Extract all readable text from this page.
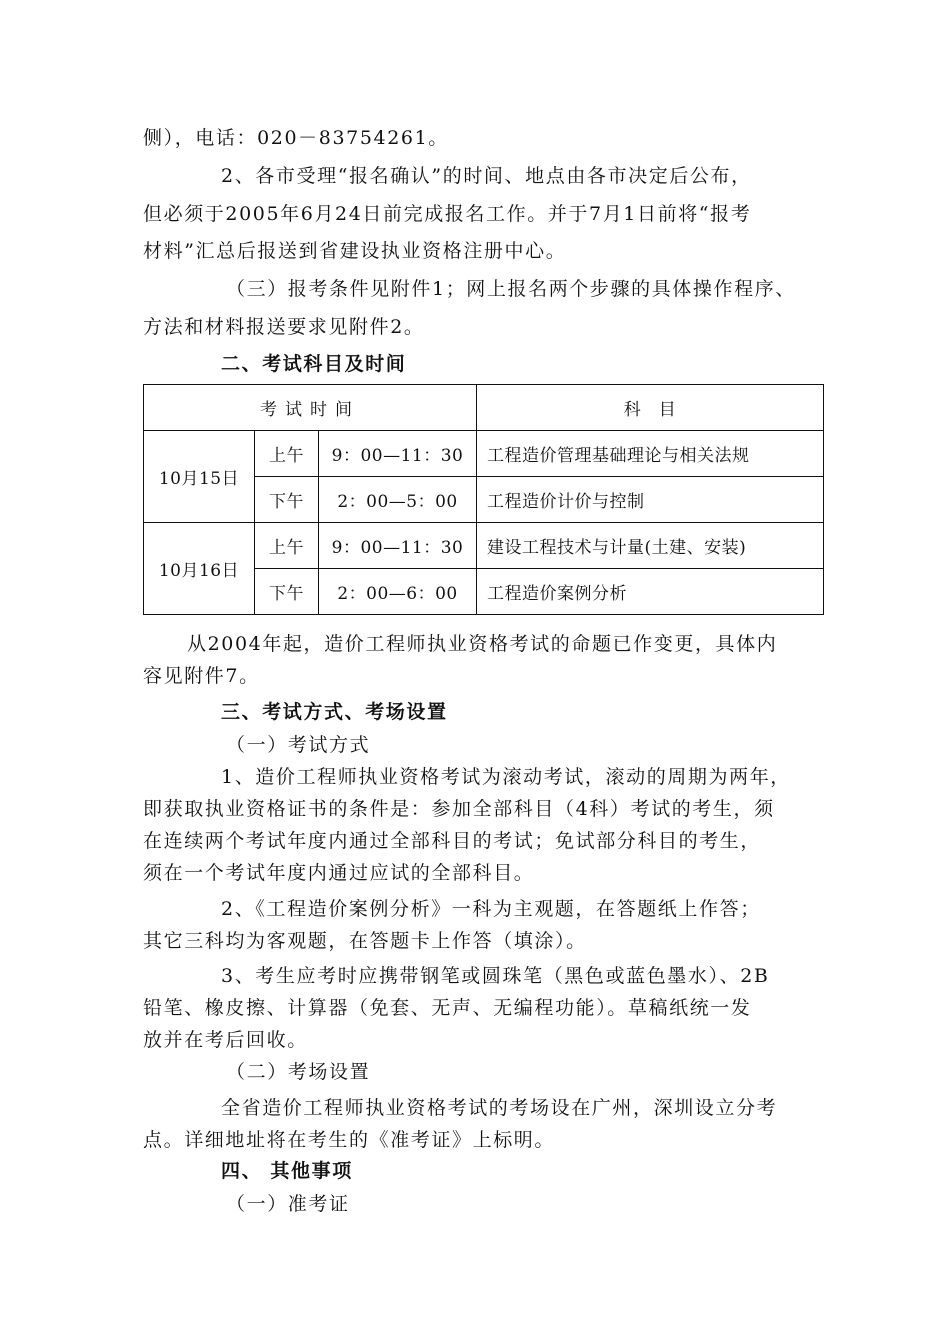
侧），电话：020－83754261。
2、各市受理“报名确认”的时间、地点由各市决定后公布，
但必须于2005年6月24日前完成报名工作。并于7月1日前将“报考
材料”汇总后报送到省建设执业资格注册中心。
（三）报考条件见附件1；网上报名两个步骤的具体操作程序、
方法和材料报送要求见附件2。
二、考试科目及时间
考试时间			科　目
10月15日	上午	9：00—11：30	工程造价管理基础理论与相关法规
	下午	2：00—5：00	工程造价计价与控制
10月16日	上午	9：00—11：30	建设工程技术与计量(土建、安装)
	下午	2：00—6：00	工程造价案例分析
从2004年起，造价工程师执业资格考试的命题已作变更，具体内
容见附件7。
三、考试方式、考场设置
（一）考试方式
1、造价工程师执业资格考试为滚动考试，滚动的周期为两年，
即获取执业资格证书的条件是：参加全部科目（4科）考试的考生，须
在连续两个考试年度内通过全部科目的考试；免试部分科目的考生，
须在一个考试年度内通过应试的全部科目。
2、《工程造价案例分析》一科为主观题，在答题纸上作答；
其它三科均为客观题，在答题卡上作答（填涂）。
3、考生应考时应携带钢笔或圆珠笔（黑色或蓝色墨水）、2B
铅笔、橡皮擦、计算器（免套、无声、无编程功能）。草稿纸统一发
放并在考后回收。
（二）考场设置
全省造价工程师执业资格考试的考场设在广州，深圳设立分考
点。详细地址将在考生的《准考证》上标明。
四、 其他事项
（一）准考证
